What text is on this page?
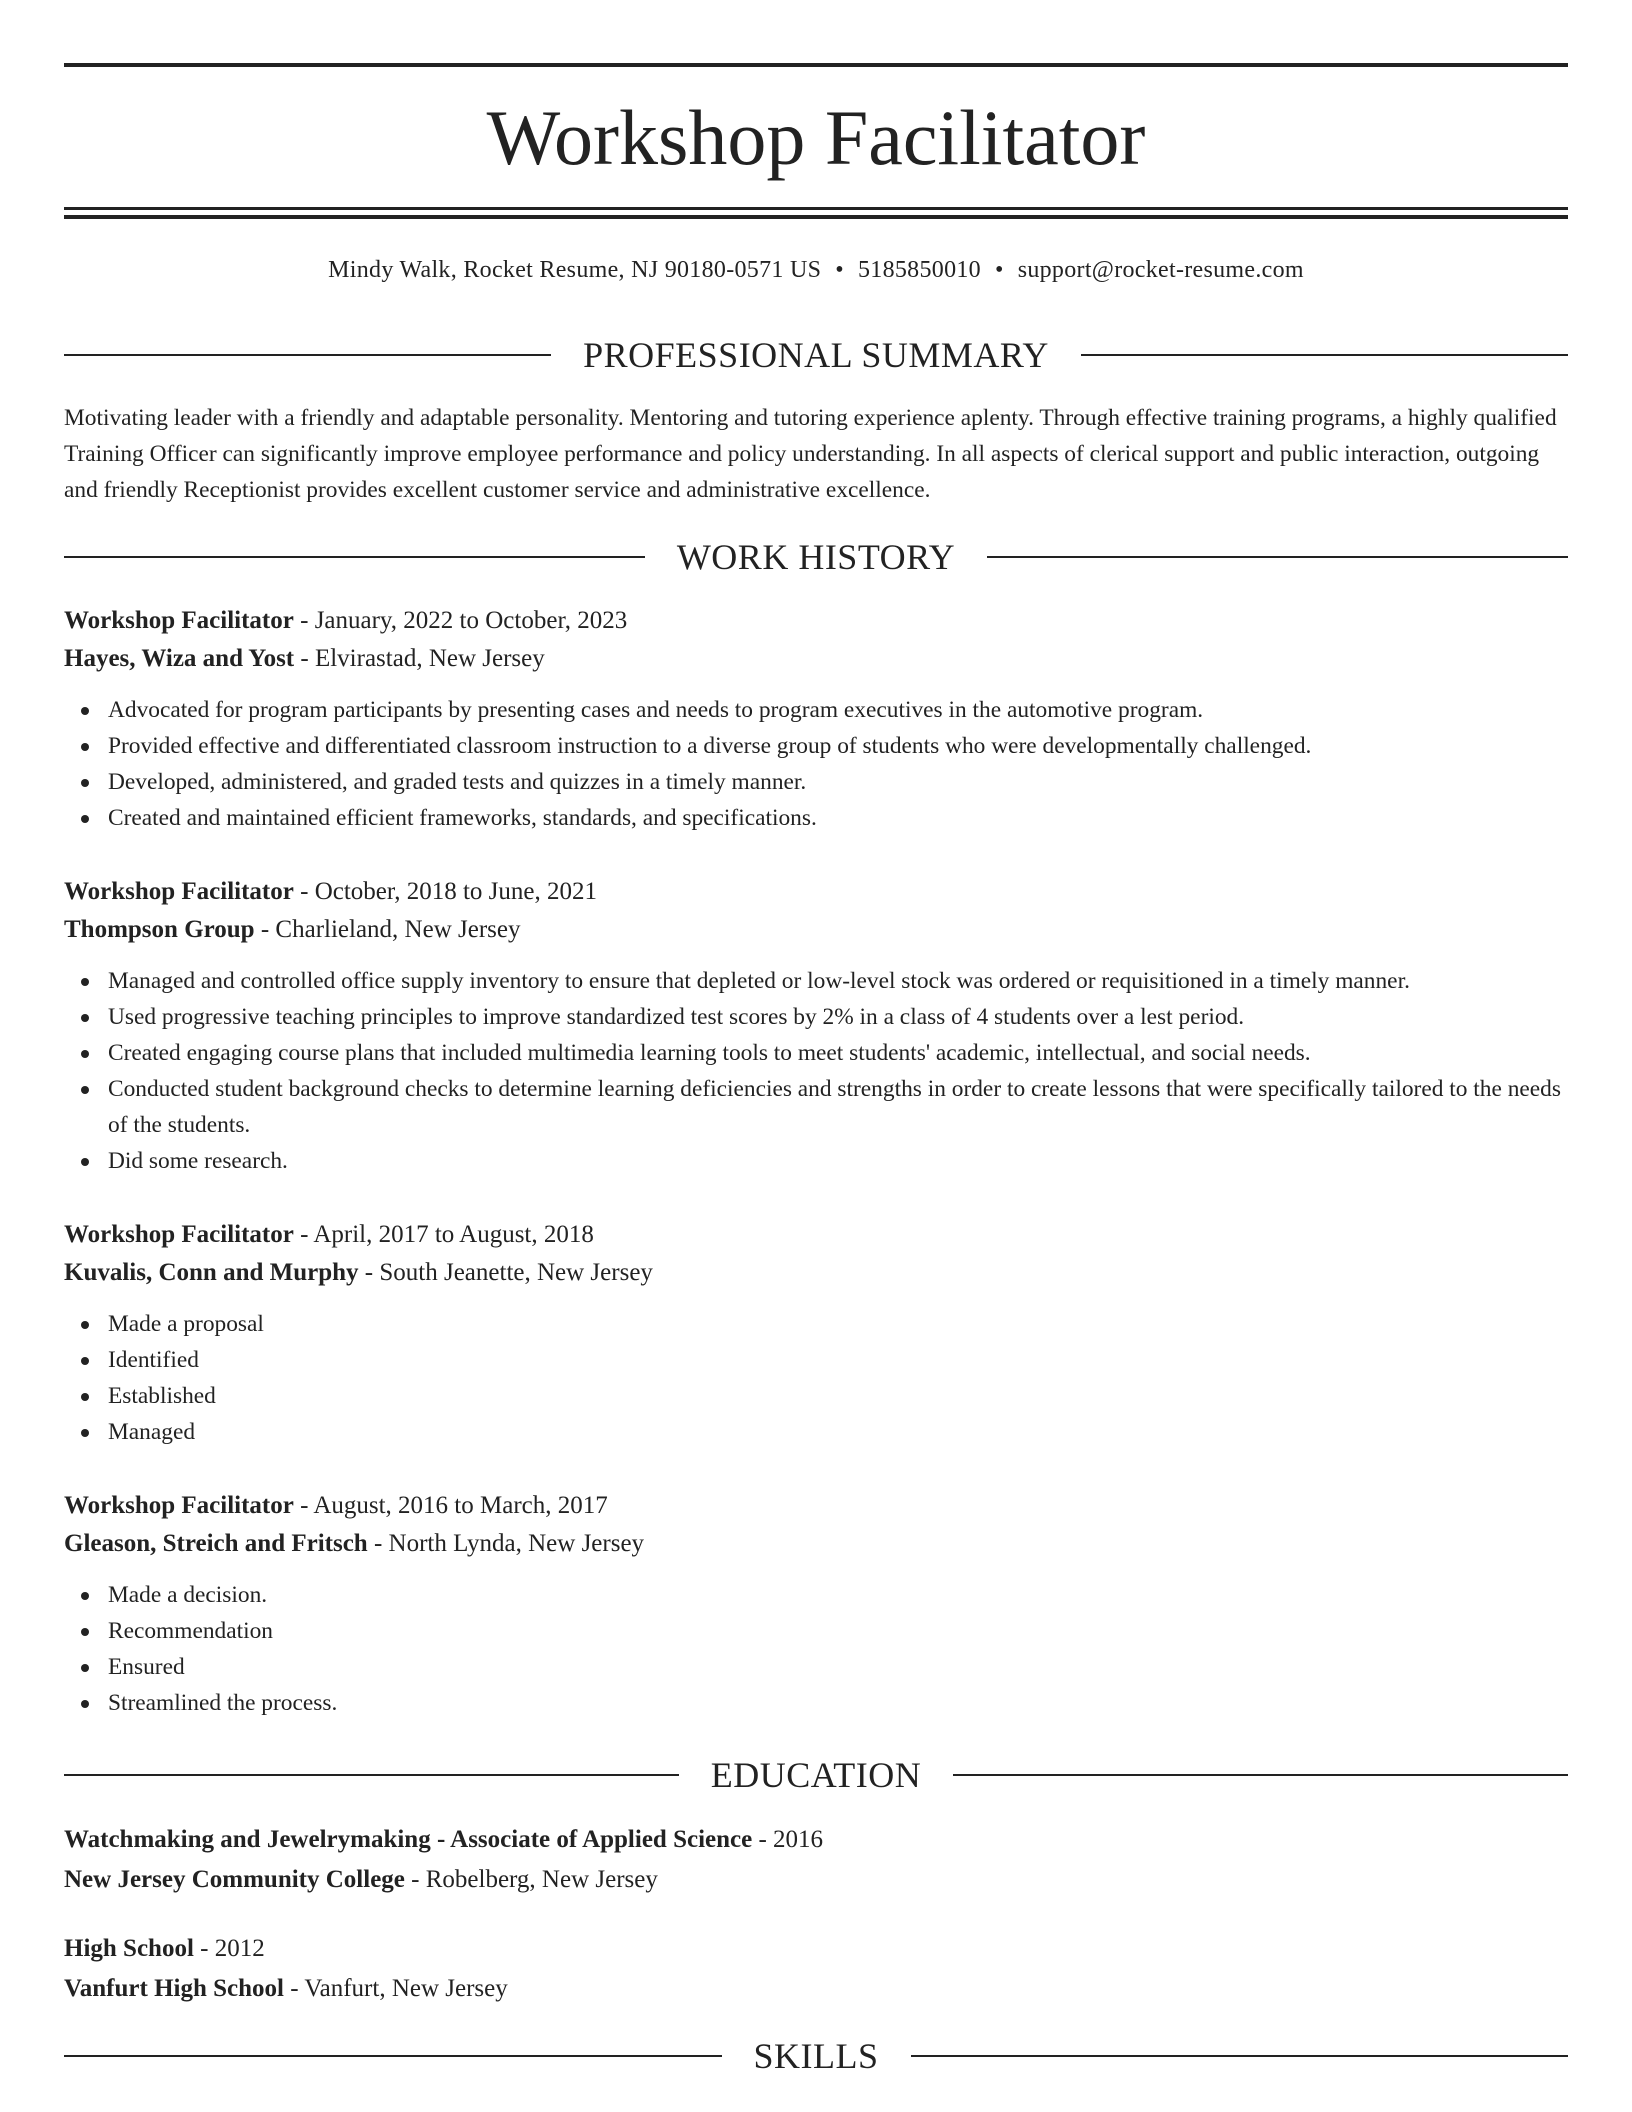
Workshop Facilitator
Mindy Walk, Rocket Resume, NJ 90180-0571 US • 5185850010 • support@rocket-resume.com
PROFESSIONAL SUMMARY
Motivating leader with a friendly and adaptable personality. Mentoring and tutoring experience aplenty. Through effective training programs, a highly qualified Training Officer can significantly improve employee performance and policy understanding. In all aspects of clerical support and public interaction, outgoing and friendly Receptionist provides excellent customer service and administrative excellence.
WORK HISTORY
Workshop Facilitator - January, 2022 to October, 2023
Hayes, Wiza and Yost - Elvirastad, New Jersey
Advocated for program participants by presenting cases and needs to program executives in the automotive program.
Provided effective and differentiated classroom instruction to a diverse group of students who were developmentally challenged.
Developed, administered, and graded tests and quizzes in a timely manner.
Created and maintained efficient frameworks, standards, and specifications.
Workshop Facilitator - October, 2018 to June, 2021
Thompson Group - Charlieland, New Jersey
Managed and controlled office supply inventory to ensure that depleted or low-level stock was ordered or requisitioned in a timely manner.
Used progressive teaching principles to improve standardized test scores by 2% in a class of 4 students over a lest period.
Created engaging course plans that included multimedia learning tools to meet students' academic, intellectual, and social needs.
Conducted student background checks to determine learning deficiencies and strengths in order to create lessons that were specifically tailored to the needs of the students.
Did some research.
Workshop Facilitator - April, 2017 to August, 2018
Kuvalis, Conn and Murphy - South Jeanette, New Jersey
Made a proposal
Identified
Established
Managed
Workshop Facilitator - August, 2016 to March, 2017
Gleason, Streich and Fritsch - North Lynda, New Jersey
Made a decision.
Recommendation
Ensured
Streamlined the process.
EDUCATION
Watchmaking and Jewelrymaking - Associate of Applied Science - 2016
New Jersey Community College - Robelberg, New Jersey
High School - 2012
Vanfurt High School - Vanfurt, New Jersey
SKILLS
